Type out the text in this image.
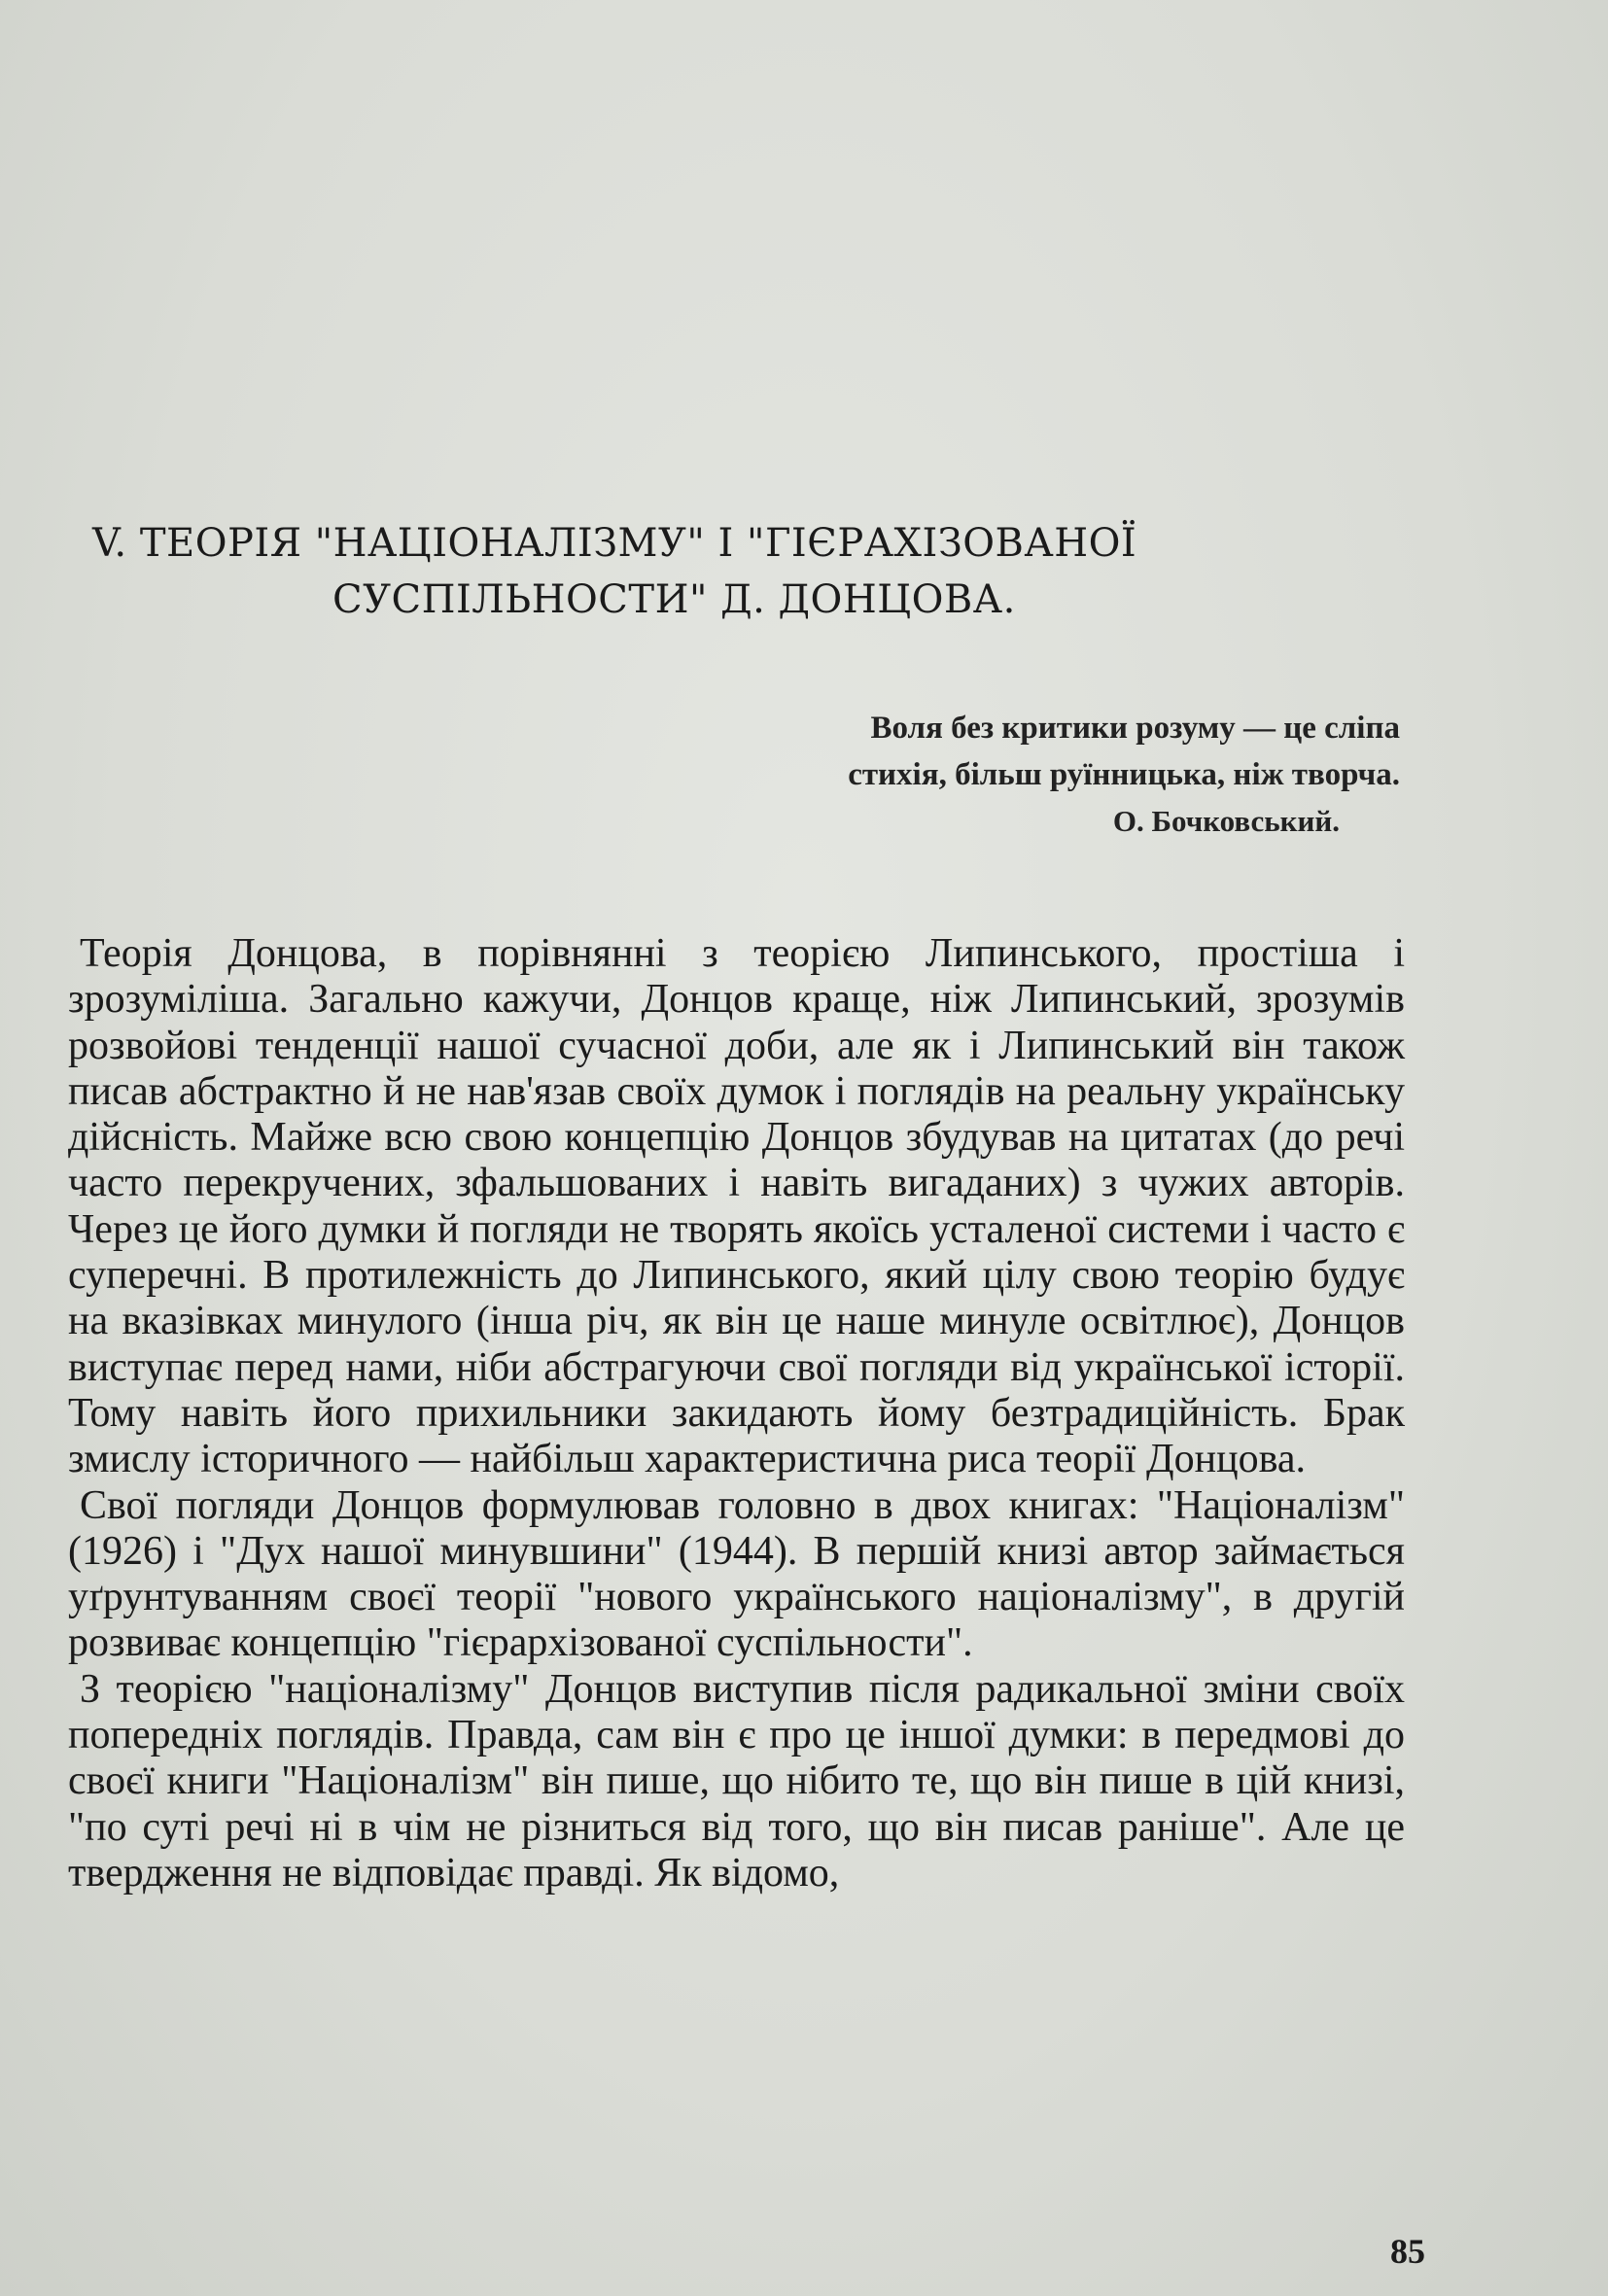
V. ТЕОРІЯ "НАЦІОНАЛІЗМУ" І "ГІЄРАХІЗОВАНОЇ
СУСПІЛЬНОСТИ" Д. ДОНЦОВА.
Воля без критики розуму — це сліпа
стихія, більш руїнницька, ніж творча.
О. Бочковський.

Теорія Донцова, в порівнянні з теорією Липинського, простіша і зрозуміліша. Загально кажучи, Донцов краще, ніж Липинський, зрозумів розвойові тенденції нашої сучасної доби, але як і Липинський він також писав абстрактно й не нав'язав своїх думок і поглядів на реальну українську дійсність. Майже всю свою концепцію Донцов збудував на цитатах (до речі часто перекручених, зфальшованих і навіть вигаданих) з чужих авторів. Через це його думки й погляди не творять якоїсь усталеної системи і часто є суперечні. В протилежність до Липинського, який цілу свою теорію будує на вказівках минулого (інша річ, як він це наше минуле освітлює), Донцов виступає перед нами, ніби абстрагуючи свої погляди від української історії. Тому навіть його прихильники закидають йому безтрадиційність. Брак змислу історичного — найбільш характеристична риса теорії Донцова.

Свої погляди Донцов формулював головно в двох книгах: "Націоналізм" (1926) і "Дух нашої минувшини" (1944). В першій книзі автор займається уґрунтуванням своєї теорії "нового українського націоналізму", в другій розвиває концепцію "гієрархізованої суспільности".

З теорією "націоналізму" Донцов виступив після радикальної зміни своїх попередніх поглядів. Правда, сам він є про це іншої думки: в передмові до своєї книги "Націоналізм" він пише, що нібито те, що він пише в цій книзі, "по суті речі ні в чім не різниться від того, що він писав раніше". Але це твердження не відповідає правді. Як відомо,

85
